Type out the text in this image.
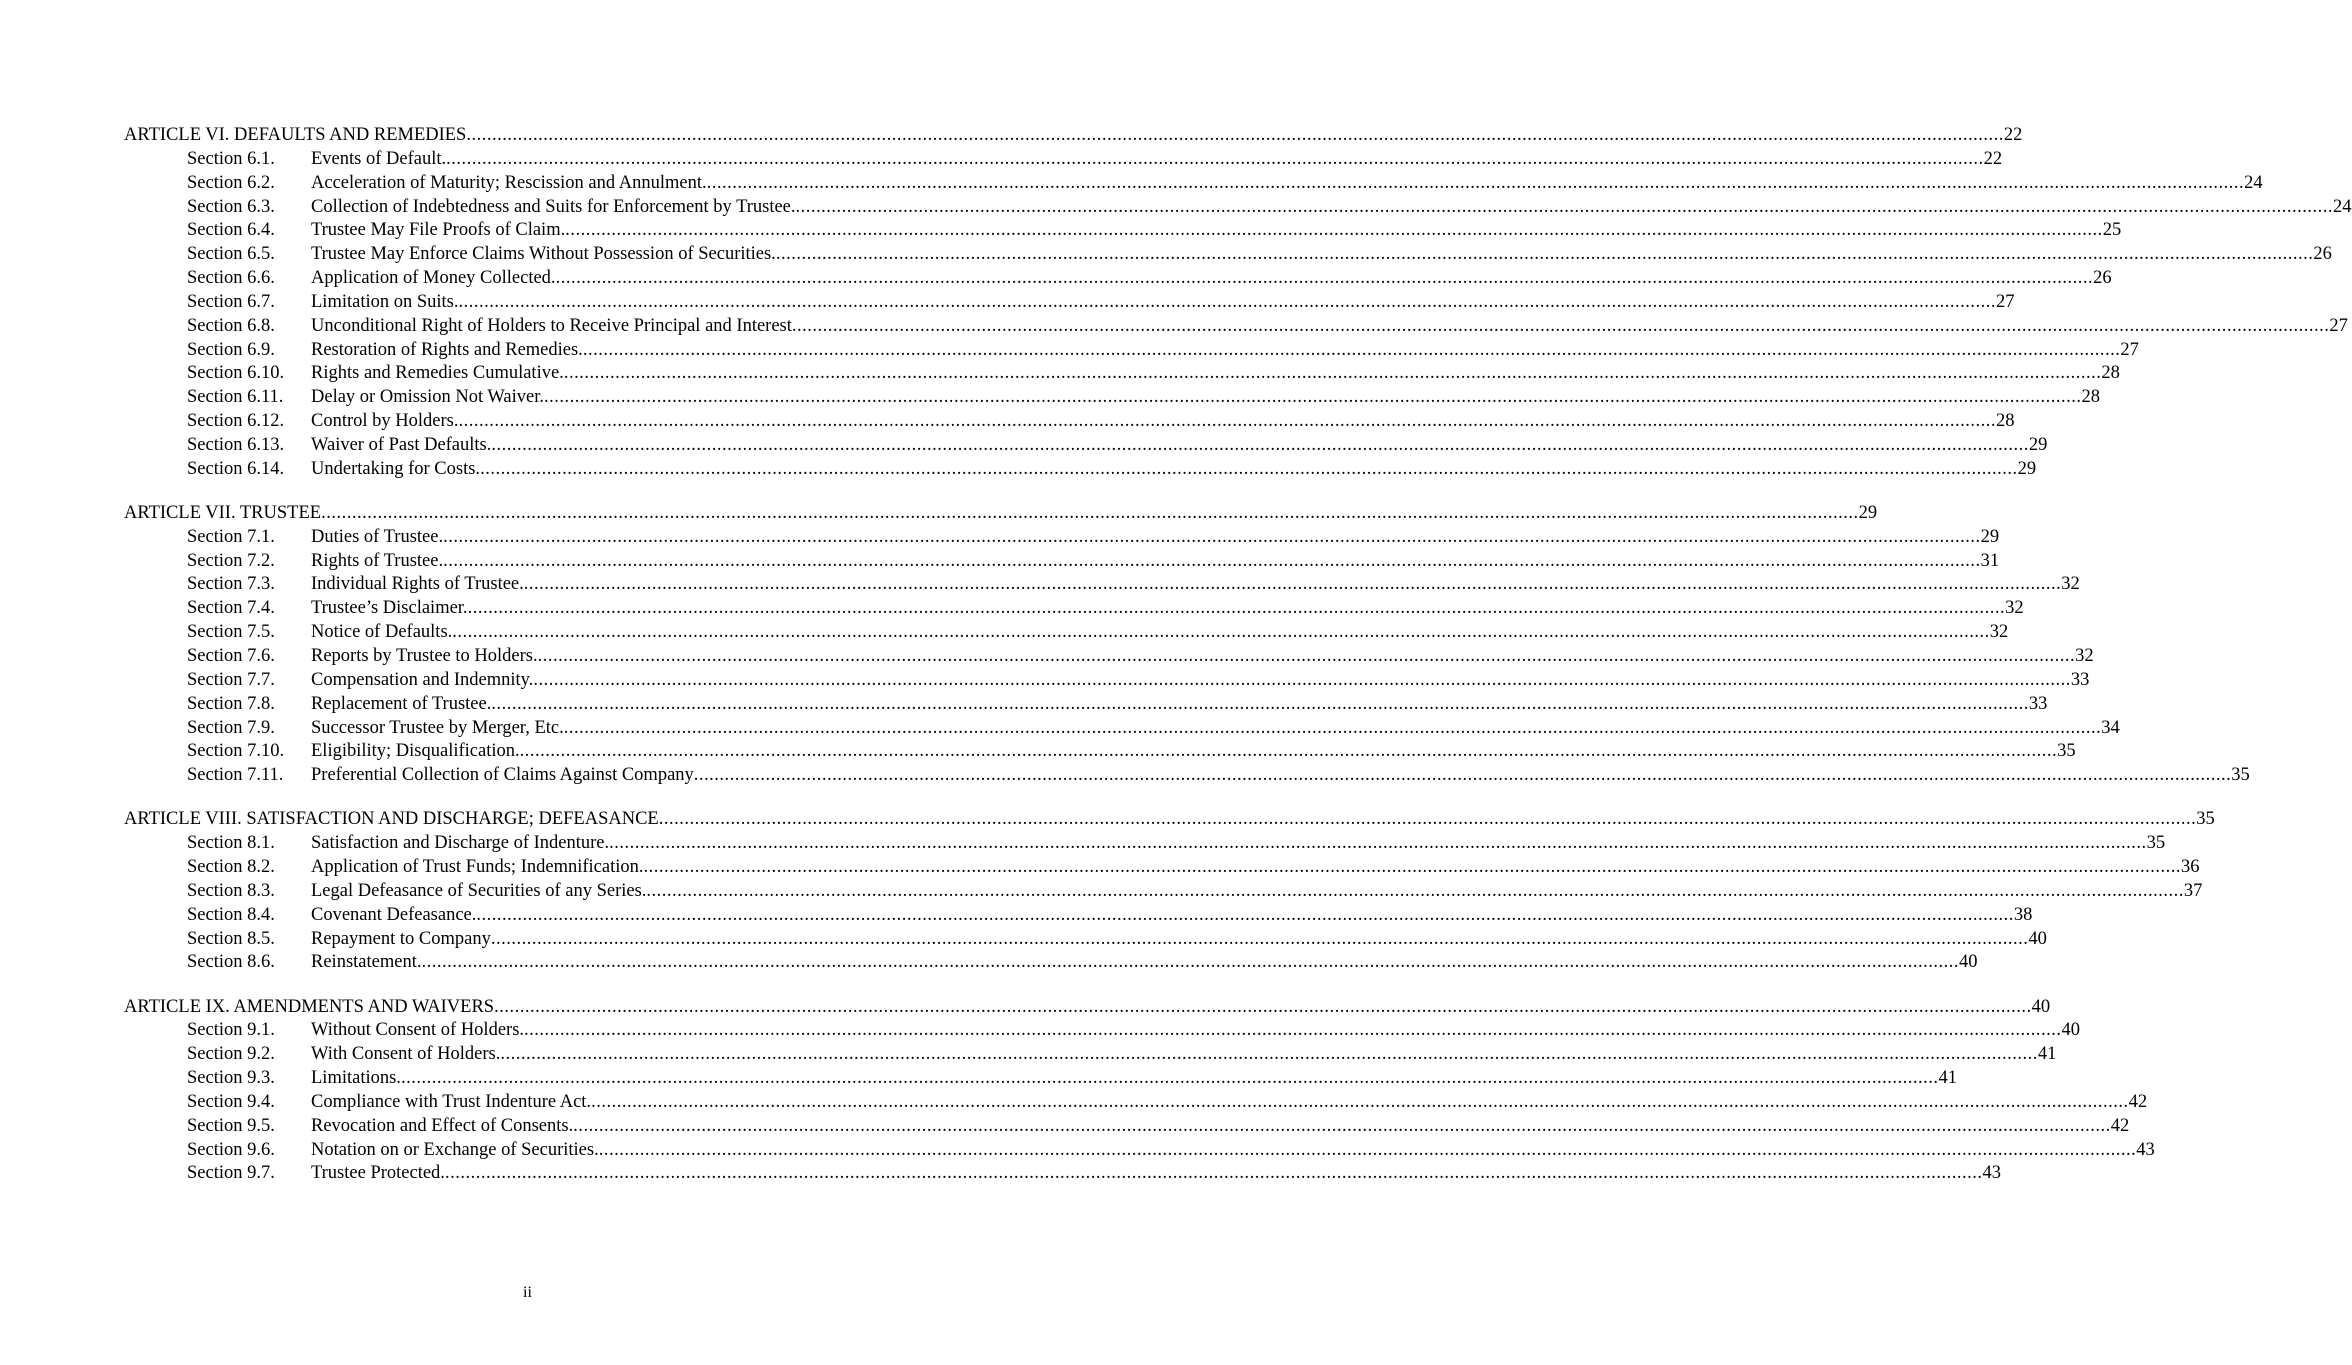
ARTICLE VI. DEFAULTS AND REMEDIES ............................................................................................................................................................................................................................................................................................................ 22
Section 6.1.	Events of Default. ............................................................................................................................................................................................................................................................................................................ 22
Section 6.2.	Acceleration of Maturity; Rescission and Annulment. ............................................................................................................................................................................................................................................................................................................ 24
Section 6.3.	Collection of Indebtedness and Suits for Enforcement by Trustee. ............................................................................................................................................................................................................................................................................................................ 24
Section 6.4.	Trustee May File Proofs of Claim. ............................................................................................................................................................................................................................................................................................................ 25
Section 6.5.	Trustee May Enforce Claims Without Possession of Securities. ............................................................................................................................................................................................................................................................................................................ 26
Section 6.6.	Application of Money Collected. ............................................................................................................................................................................................................................................................................................................ 26
Section 6.7.	Limitation on Suits. ............................................................................................................................................................................................................................................................................................................ 27
Section 6.8.	Unconditional Right of Holders to Receive Principal and Interest ............................................................................................................................................................................................................................................................................................................ 27
Section 6.9.	Restoration of Rights and Remedies. ............................................................................................................................................................................................................................................................................................................ 27
Section 6.10.	Rights and Remedies Cumulative. ............................................................................................................................................................................................................................................................................................................ 28
Section 6.11.	Delay or Omission Not Waiver. ............................................................................................................................................................................................................................................................................................................ 28
Section 6.12.	Control by Holders. ............................................................................................................................................................................................................................................................................................................ 28
Section 6.13.	Waiver of Past Defaults. ............................................................................................................................................................................................................................................................................................................ 29
Section 6.14.	Undertaking for Costs. ............................................................................................................................................................................................................................................................................................................ 29
ARTICLE VII. TRUSTEE ............................................................................................................................................................................................................................................................................................................ 29
Section 7.1.	Duties of Trustee. ............................................................................................................................................................................................................................................................................................................ 29
Section 7.2.	Rights of Trustee. ............................................................................................................................................................................................................................................................................................................ 31
Section 7.3.	Individual Rights of Trustee. ............................................................................................................................................................................................................................................................................................................ 32
Section 7.4.	Trustee’s Disclaimer. ............................................................................................................................................................................................................................................................................................................ 32
Section 7.5.	Notice of Defaults. ............................................................................................................................................................................................................................................................................................................ 32
Section 7.6.	Reports by Trustee to Holders. ............................................................................................................................................................................................................................................................................................................ 32
Section 7.7.	Compensation and Indemnity. ............................................................................................................................................................................................................................................................................................................ 33
Section 7.8.	Replacement of Trustee. ............................................................................................................................................................................................................................................................................................................ 33
Section 7.9.	Successor Trustee by Merger, Etc. ............................................................................................................................................................................................................................................................................................................ 34
Section 7.10.	Eligibility; Disqualification. ............................................................................................................................................................................................................................................................................................................ 35
Section 7.11.	Preferential Collection of Claims Against Company ............................................................................................................................................................................................................................................................................................................ 35
ARTICLE VIII. SATISFACTION AND DISCHARGE; DEFEASANCE ............................................................................................................................................................................................................................................................................................................ 35
Section 8.1.	Satisfaction and Discharge of Indenture. ............................................................................................................................................................................................................................................................................................................ 35
Section 8.2.	Application of Trust Funds; Indemnification. ............................................................................................................................................................................................................................................................................................................ 36
Section 8.3.	Legal Defeasance of Securities of any Series. ............................................................................................................................................................................................................................................................................................................ 37
Section 8.4.	Covenant Defeasance. ............................................................................................................................................................................................................................................................................................................ 38
Section 8.5.	Repayment to Company ............................................................................................................................................................................................................................................................................................................ 40
Section 8.6.	Reinstatement. ............................................................................................................................................................................................................................................................................................................ 40
ARTICLE IX. AMENDMENTS AND WAIVERS ............................................................................................................................................................................................................................................................................................................ 40
Section 9.1.	Without Consent of Holders. ............................................................................................................................................................................................................................................................................................................ 40
Section 9.2.	With Consent of Holders. ............................................................................................................................................................................................................................................................................................................ 41
Section 9.3.	Limitations. ............................................................................................................................................................................................................................................................................................................ 41
Section 9.4.	Compliance with Trust Indenture Act. ............................................................................................................................................................................................................................................................................................................ 42
Section 9.5.	Revocation and Effect of Consents. ............................................................................................................................................................................................................................................................................................................ 42
Section 9.6.	Notation on or Exchange of Securities. ............................................................................................................................................................................................................................................................................................................ 43
Section 9.7.	Trustee Protected. ............................................................................................................................................................................................................................................................................................................ 43
ii
